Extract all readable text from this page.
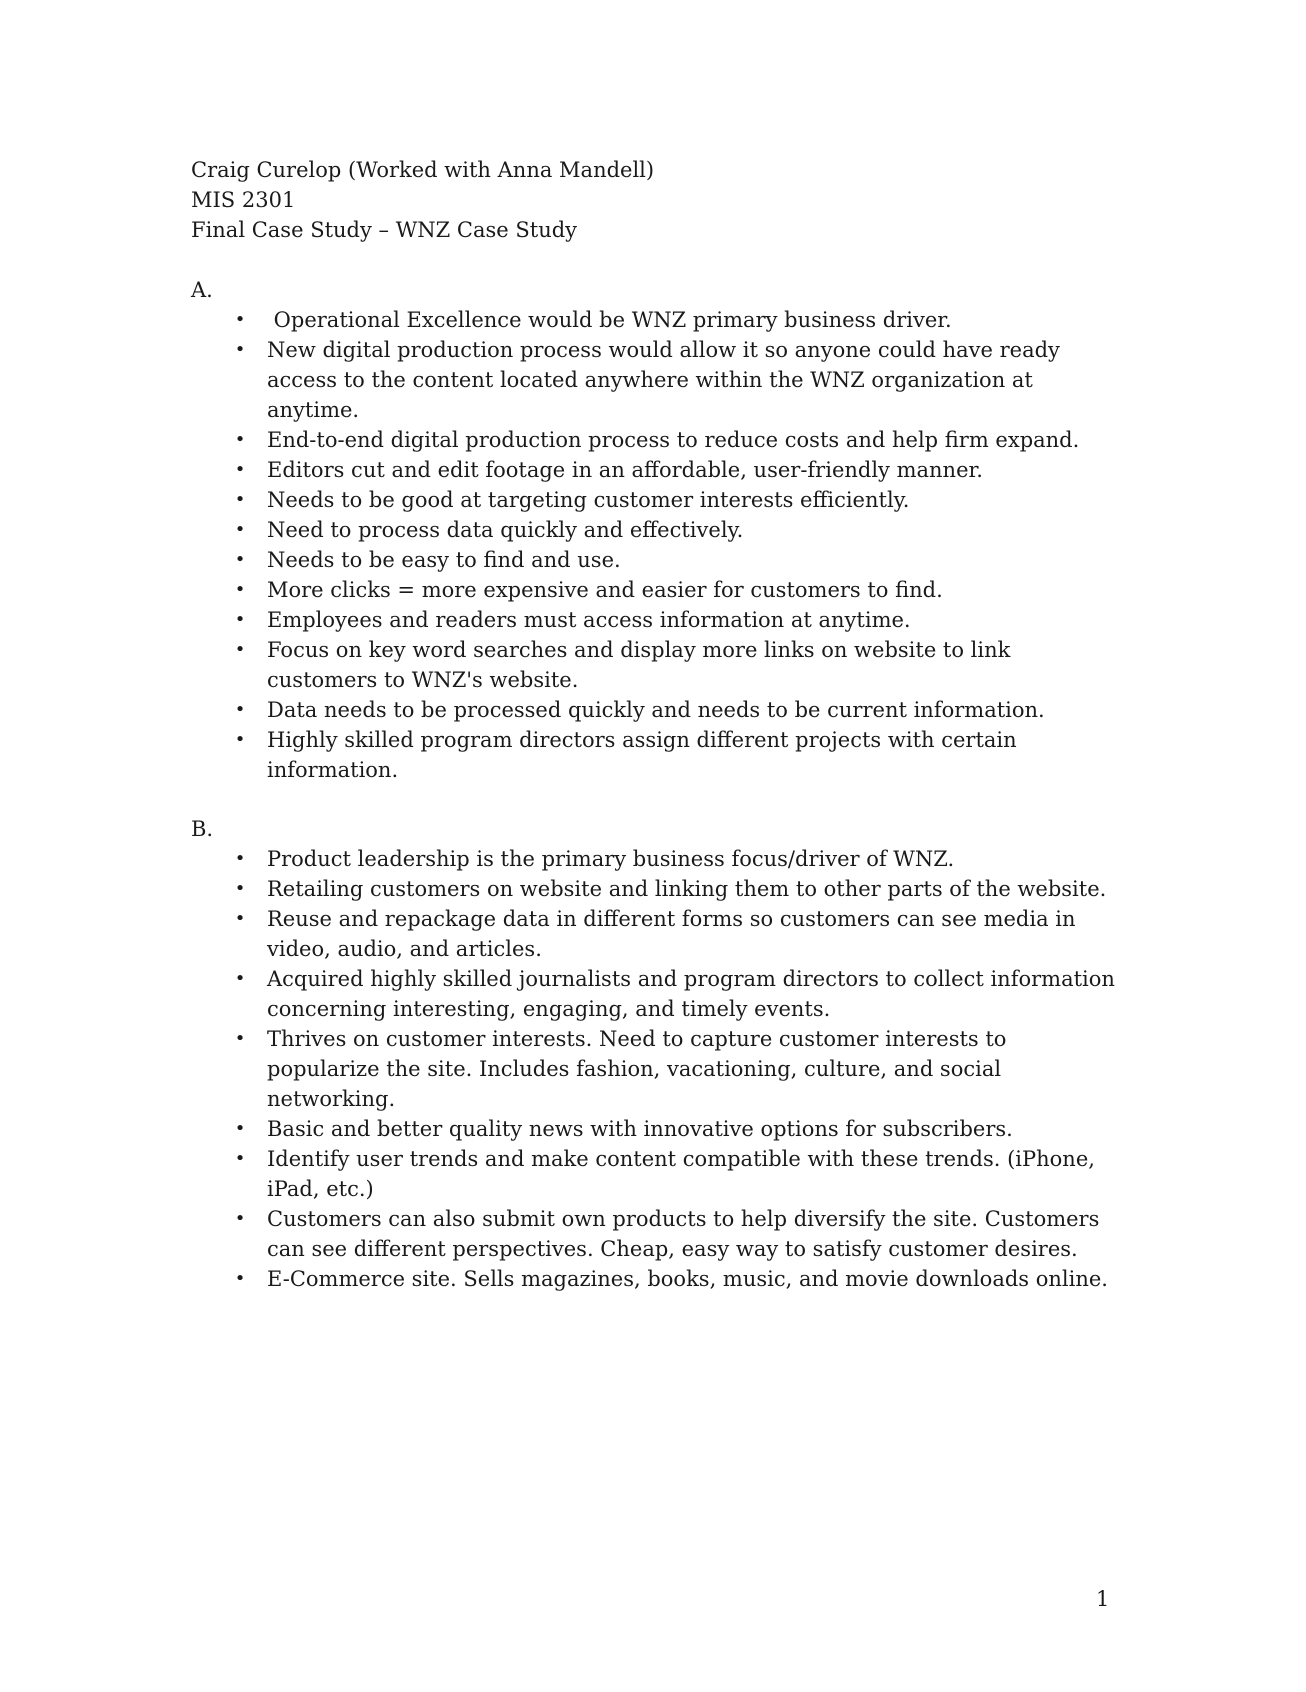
Craig Curelop (Worked with Anna Mandell)
MIS 2301
Final Case Study – WNZ Case Study
A.
• Operational Excellence would be WNZ primary business driver.
• New digital production process would allow it so anyone could have ready access to the content located anywhere within the WNZ organization at anytime.
• End-to-end digital production process to reduce costs and help firm expand.
• Editors cut and edit footage in an affordable, user-friendly manner.
• Needs to be good at targeting customer interests efficiently.
• Need to process data quickly and effectively.
• Needs to be easy to find and use.
• More clicks = more expensive and easier for customers to find.
• Employees and readers must access information at anytime.
• Focus on key word searches and display more links on website to link customers to WNZ's website.
• Data needs to be processed quickly and needs to be current information.
• Highly skilled program directors assign different projects with certain information.
B.
• Product leadership is the primary business focus/driver of WNZ.
• Retailing customers on website and linking them to other parts of the website.
• Reuse and repackage data in different forms so customers can see media in video, audio, and articles.
• Acquired highly skilled journalists and program directors to collect information concerning interesting, engaging, and timely events.
• Thrives on customer interests. Need to capture customer interests to popularize the site. Includes fashion, vacationing, culture, and social networking.
• Basic and better quality news with innovative options for subscribers.
• Identify user trends and make content compatible with these trends. (iPhone, iPad, etc.)
• Customers can also submit own products to help diversify the site. Customers can see different perspectives. Cheap, easy way to satisfy customer desires.
• E-Commerce site. Sells magazines, books, music, and movie downloads online.
1
